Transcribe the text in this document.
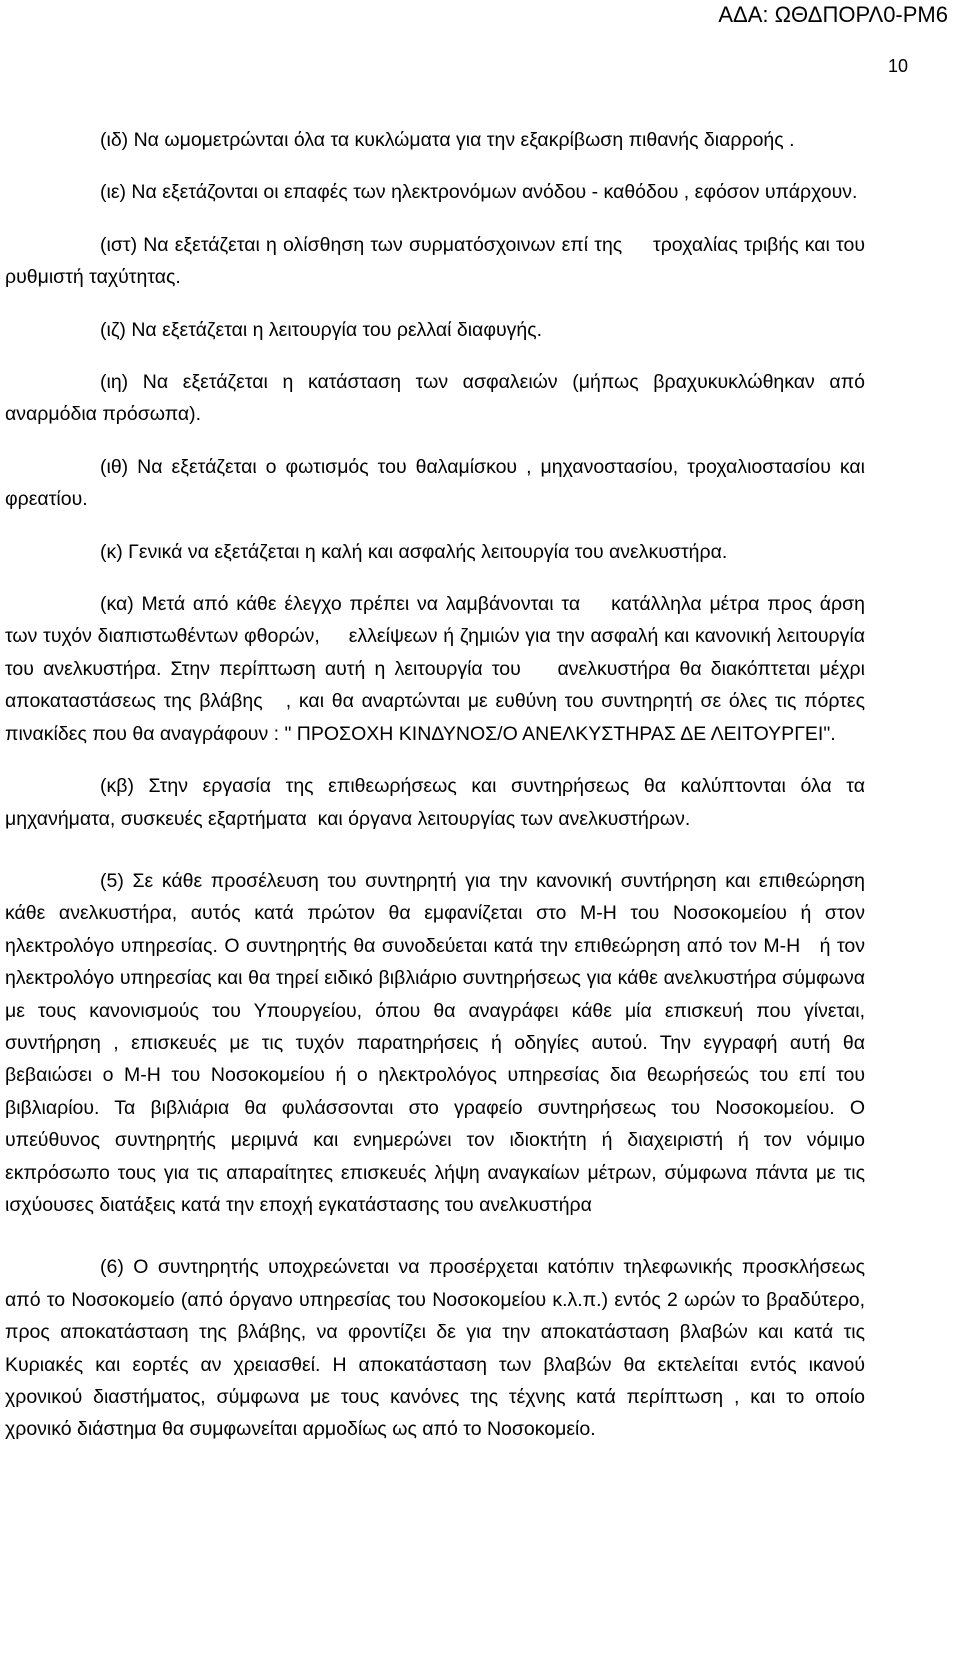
ΑΔΑ: ΩΘΔΠΟΡΛ0-ΡΜ6
10

(ιδ) Να ωμομετρώνται όλα τα κυκλώματα για την εξακρίβωση πιθανής διαρροής .

(ιε) Να εξετάζονται οι επαφές των ηλεκτρονόμων ανόδου - καθόδου , εφόσον υπάρχουν.

(ιστ) Να εξετάζεται η ολίσθηση των συρματόσχοινων επί της     τροχαλίας τριβής και του ρυθμιστή ταχύτητας.

(ιζ) Να εξετάζεται η λειτουργία του ρελλαί διαφυγής.

(ιη) Να εξετάζεται η κατάσταση των ασφαλειών (μήπως βραχυκυκλώθηκαν από αναρμόδια πρόσωπα).

(ιθ) Να εξετάζεται ο φωτισμός του θαλαμίσκου , μηχανοστασίου, τροχαλιοστασίου και φρεατίου.

(κ) Γενικά να εξετάζεται η καλή και ασφαλής λειτουργία του ανελκυστήρα.

(κα) Μετά από κάθε έλεγχο πρέπει να λαμβάνονται τα    κατάλληλα μέτρα προς άρση των τυχόν διαπιστωθέντων φθορών,     ελλείψεων ή ζημιών για την ασφαλή και κανονική λειτουργία       του ανελκυστήρα. Στην περίπτωση αυτή η λειτουργία του    ανελκυστήρα θα διακόπτεται μέχρι αποκαταστάσεως της βλάβης   , και θα αναρτώνται με ευθύνη του συντηρητή σε όλες τις πόρτες πινακίδες που θα αναγράφουν : " ΠΡΟΣΟΧΗ ΚΙΝΔΥΝΟΣ/Ο ΑΝΕΛΚΥΣΤΗΡΑΣ ΔΕ ΛΕΙΤΟΥΡΓΕΙ".

(κβ) Στην εργασία της επιθεωρήσεως και συντηρήσεως θα καλύπτονται όλα τα μηχανήματα, συσκευές εξαρτήματα  και όργανα λειτουργίας των ανελκυστήρων.

(5) Σε κάθε προσέλευση του συντηρητή για την κανονική συντήρηση και επιθεώρηση κάθε ανελκυστήρα, αυτός κατά πρώτον θα εμφανίζεται στο Μ-Η του Νοσοκομείου ή στον ηλεκτρολόγο υπηρεσίας. Ο συντηρητής θα συνοδεύεται κατά την επιθεώρηση από τον Μ-Η   ή τον ηλεκτρολόγο υπηρεσίας και θα τηρεί ειδικό βιβλιάριο συντηρήσεως για κάθε ανελκυστήρα σύμφωνα με τους κανονισμούς του Υπουργείου, όπου θα αναγράφει κάθε μία επισκευή που γίνεται, συντήρηση , επισκευές με τις τυχόν παρατηρήσεις ή οδηγίες αυτού. Την εγγραφή αυτή θα βεβαιώσει ο Μ-Η του Νοσοκομείου ή ο ηλεκτρολόγος υπηρεσίας δια θεωρήσεώς του επί του βιβλιαρίου. Τα βιβλιάρια θα φυλάσσονται στο γραφείο συντηρήσεως του Νοσοκομείου. Ο υπεύθυνος συντηρητής μεριμνά και ενημερώνει τον ιδιοκτήτη ή διαχειριστή ή τον νόμιμο εκπρόσωπο τους για τις απαραίτητες επισκευές λήψη αναγκαίων μέτρων, σύμφωνα πάντα με τις ισχύουσες διατάξεις κατά την εποχή εγκατάστασης του ανελκυστήρα

(6) Ο συντηρητής υποχρεώνεται να προσέρχεται κατόπιν τηλεφωνικής προσκλήσεως από το Νοσοκομείο (από όργανο υπηρεσίας του Νοσοκομείου κ.λ.π.) εντός 2 ωρών το βραδύτερο, προς αποκατάσταση της βλάβης, να φροντίζει δε για την αποκατάσταση βλαβών και κατά τις Κυριακές και εορτές αν χρειασθεί. Η αποκατάσταση των βλαβών θα εκτελείται εντός ικανού χρονικού διαστήματος, σύμφωνα με τους κανόνες της τέχνης κατά περίπτωση , και το οποίο χρονικό διάστημα θα συμφωνείται αρμοδίως ως από το Νοσοκομείο.
